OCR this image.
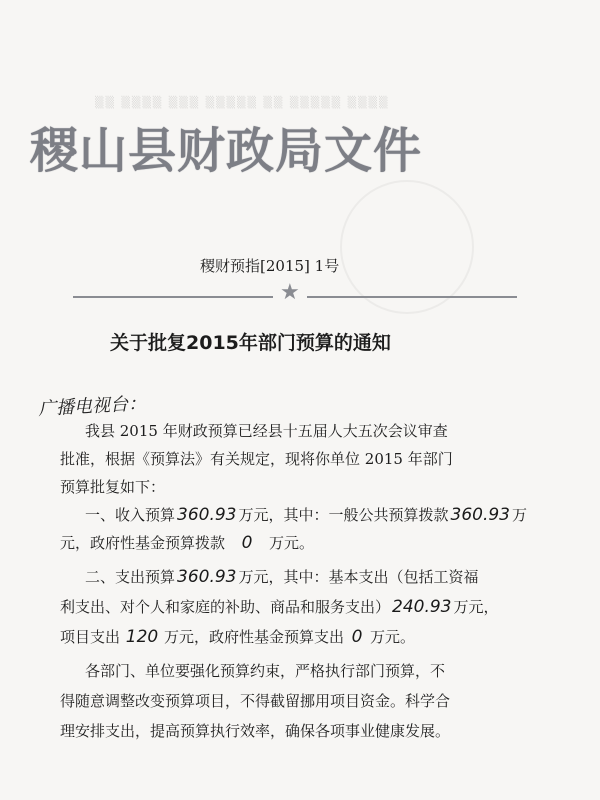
▒▒ ▒▒▒▒ ▒▒▒ ▒▒▒▒▒ ▒▒ ▒▒▒▒▒ ▒▒▒▒
稷山县财政局文件
稷财预指[2015] 1号
★
关于批复2015年部门预算的通知
广播电视台：
我县 2015 年财政预算已经县十五届人大五次会议审查
批准，根据《预算法》有关规定，现将你单位 2015 年部门
预算批复如下：
一、收入预算 360.93 万元，其中：一般公共预算拨款 360.93 万
元，政府性基金预算拨款 0 万元。
二、支出预算 360.93 万元，其中：基本支出（包括工资福
利支出、对个人和家庭的补助、商品和服务支出） 240.93 万元，
项目支出 120 万元，政府性基金预算支出 0 万元。
各部门、单位要强化预算约束，严格执行部门预算，不
得随意调整改变预算项目，不得截留挪用项目资金。科学合
理安排支出，提高预算执行效率，确保各项事业健康发展。
